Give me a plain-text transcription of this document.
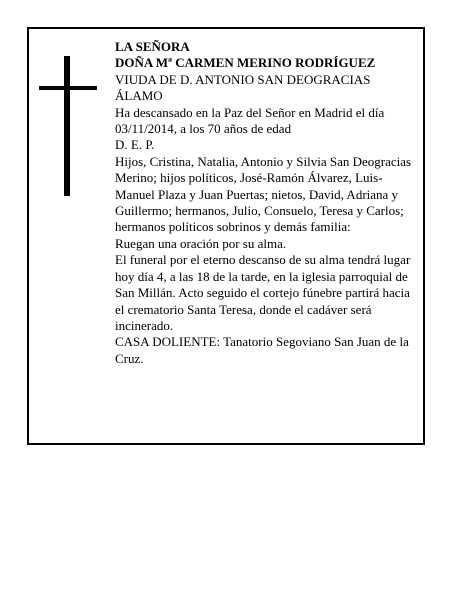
LA SEÑORA

DOÑA Mª CARMEN MERINO RODRÍGUEZ

VIUDA DE D. ANTONIO SAN DEOGRACIAS ÁLAMO

Ha descansado en la Paz del Señor en Madrid el día 03/11/2014, a los 70 años de edad

D. E. P.

Hijos, Cristina, Natalia, Antonio y Silvia San Deogracias Merino; hijos políticos, José-Ramón Álvarez, Luis-Manuel Plaza y Juan Puertas; nietos, David, Adriana y Guillermo; hermanos, Julio, Consuelo, Teresa y Carlos; hermanos políticos sobrinos y demás familia:

Ruegan una oración por su alma.

El funeral por el eterno descanso de su alma tendrá lugar hoy día 4, a las 18 de la tarde, en la iglesia parroquial de San Millán. Acto seguido el cortejo fúnebre partirá hacia el crematorio Santa Teresa, donde el cadáver será incinerado.

CASA DOLIENTE: Tanatorio Segoviano San Juan de la Cruz.
